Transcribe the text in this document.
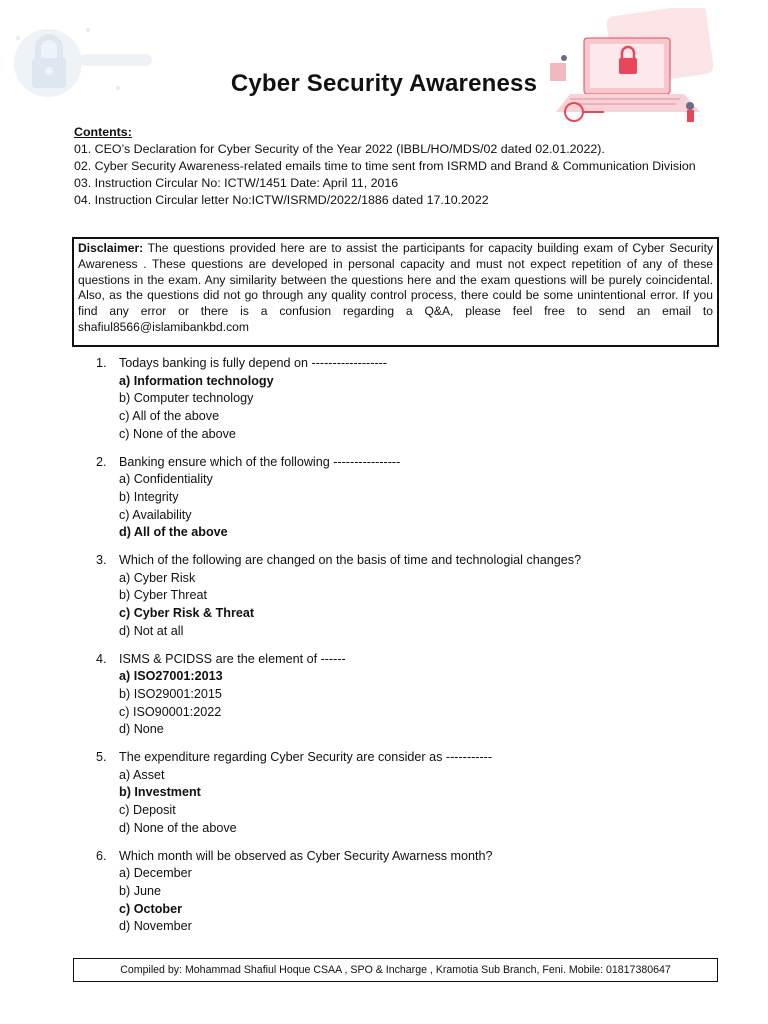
Cyber Security Awareness
Contents:

01. CEO’s Declaration for Cyber Security of the Year 2022 (IBBL/HO/MDS/02 dated 02.01.2022).

02. Cyber Security Awareness-related emails time to time sent from ISRMD and Brand & Communication Division

03. Instruction Circular No: ICTW/1451 Date: April 11, 2016

04. Instruction Circular letter No:ICTW/ISRMD/2022/1886 dated 17.10.2022

Disclaimer: The questions provided here are to assist the participants for capacity building exam of Cyber Security Awareness . These questions are developed in personal capacity and must not expect repetition of any of these questions in the exam. Any similarity between the questions here and the exam questions will be purely coincidental. Also, as the questions did not go through any quality control process, there could be some unintentional error. If you find any error or there is a confusion regarding a Q&A, please feel free to send an email to shafiul8566@islamibankbd.com
1. Todays banking is fully depend on ------------------
a) Information technology
b) Computer technology
c) All of the above
c) None of the above
2. Banking ensure which of the following ----------------
a) Confidentiality
b) Integrity
c) Availability
d) All of the above
3. Which of the following are changed on the basis of time and technologial changes?
a) Cyber Risk
b) Cyber Threat
c) Cyber Risk & Threat
d) Not at all
4. ISMS & PCIDSS are the element of ------
a) ISO27001:2013
b) ISO29001:2015
c) ISO90001:2022
d) None
5. The expenditure regarding Cyber Security are consider as -----------
a) Asset
b) Investment
c) Deposit
d) None of the above
6. Which month will be observed as Cyber Security Awarness month?
a) December
b) June
c) October
d) November
Compiled by: Mohammad Shafiul Hoque CSAA , SPO & Incharge , Kramotia Sub Branch, Feni. Mobile: 01817380647
